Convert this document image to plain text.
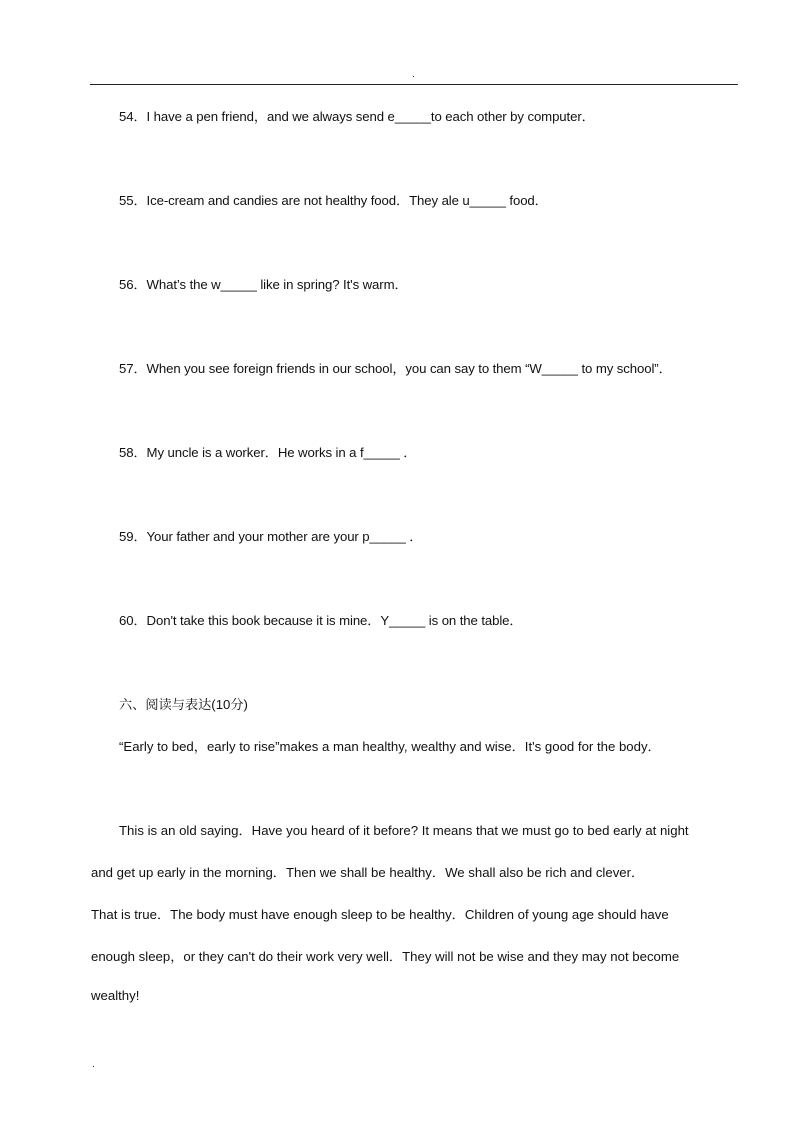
.
54．I have a pen friend，and we always send e_____to each other by computer．
55．Ice-cream and candies are not healthy food．They ale u_____ food．
56．What’s the w_____ like in spring? It's warm．
57．When you see foreign friends in our school，you can say to them “W_____ to my school”．
58．My uncle is a worker．He works in a f_____ ．
59．Your father and your mother are your p_____ ．
60．Don't take this book because it is mine．Y_____ is on the table．
六、阅读与表达(10分)
“Early to bed，early to rise”makes a man healthy, wealthy and wise．It's good for the body．
This is an old saying．Have you heard of it before? It means that we must go to bed early at night
and get up early in the morning．Then we shall be healthy．We shall also be rich and clever．
That is true．The body must have enough sleep to be healthy．Children of young age should have
enough sleep，or they can't do their work very well．They will not be wise and they may not become
wealthy!
.
